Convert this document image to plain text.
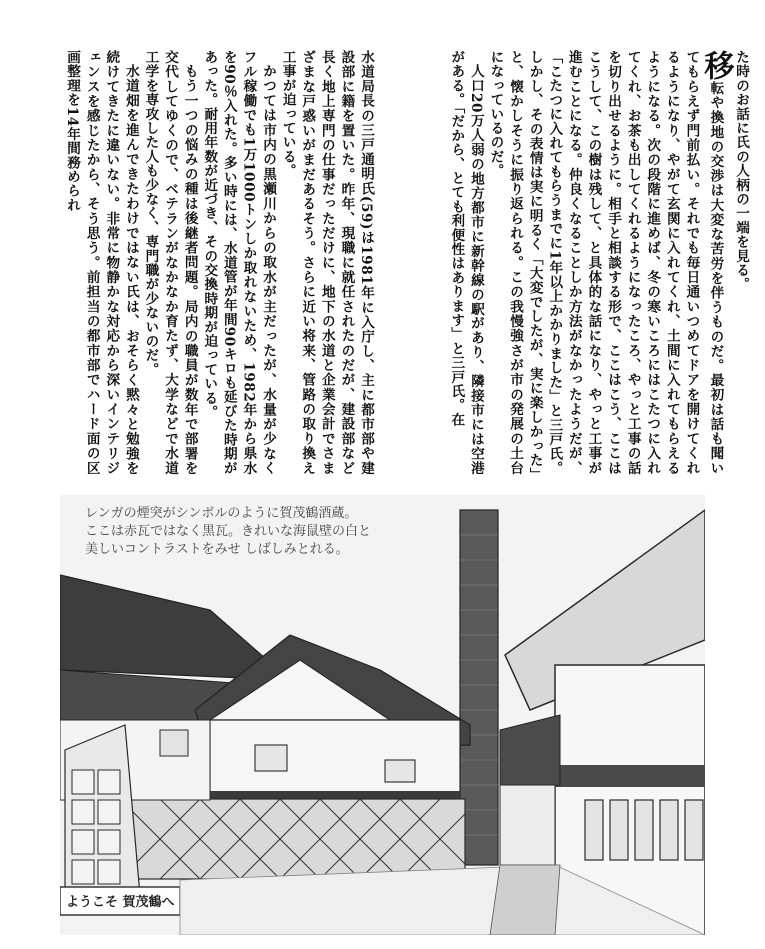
水道局長の三戸通明氏(59)は1981年に入庁し、主に都市部や建設部に籍を置いた。昨年、現職に就任されたのだが、建設部など長く地上専門の仕事だっただけに、地下の水道と企業会計でさまざまな戸惑いがまだあるそう。さらに近い将来、管路の取り換え工事が迫っている。

かつては市内の黒瀬川からの取水が主だったが、水量が少なくフル稼働でも1万1000トンしか取れないため、1982年から県水を90％入れた。多い時には、水道管が年間90キロも延びた時期があった。耐用年数が近づき、その交換時期が迫っている。

もう一つの悩みの種は後継者問題。局内の職員が数年で部署を交代してゆくので、ベテランがなかなか育たず、大学などで水道工学を専攻した人も少なく、専門職が少ないのだ。

水道畑を進んできたわけではない氏は、おそらく黙々と勉強を続けてきたに違いない。非常に物静かな対応から深いインテリジェンスを感じたから、そう思う。前担当の都市部でハード面の区画整理を14年間務められ	た時のお話に氏の人柄の一端を見る。

移転や換地の交渉は大変な苦労を伴うものだ。最初は話も聞いてもらえず門前払い。それでも毎日通いつめてドアを開けてくれるようになり、やがて玄関に入れてくれ、土間に入れてもらえるようになる。次の段階に進めば、冬の寒いころにはこたつに入れてくれ、お茶も出してくれるようになったころ、やっと工事の話を切り出せるように。相手と相談する形で、ここはこう、ここはこうして、この樹は残して、と具体的な話になり、やっと工事が進むことになる。仲良くなることしか方法がなかったようだが、「こたつに入れてもらうまでに1年以上かかりました」と三戸氏。しかし、その表情は実に明るく「大変でしたが、実に楽しかった」と、懐かしそうに振り返られる。この我慢強さが市の発展の土台になっているのだ。

人口20万人弱の地方都市に新幹線の駅があり、隣接市には空港がある。「だから、とても利便性はあります」と三戸氏。在

レンガの煙突がシンボルのように賀茂鶴酒蔵。
ここは赤瓦ではなく黒瓦。きれいな海鼠壁の白と
美しいコントラストをみせ しばしみとれる。
ようこそ 賀茂鶴へ
